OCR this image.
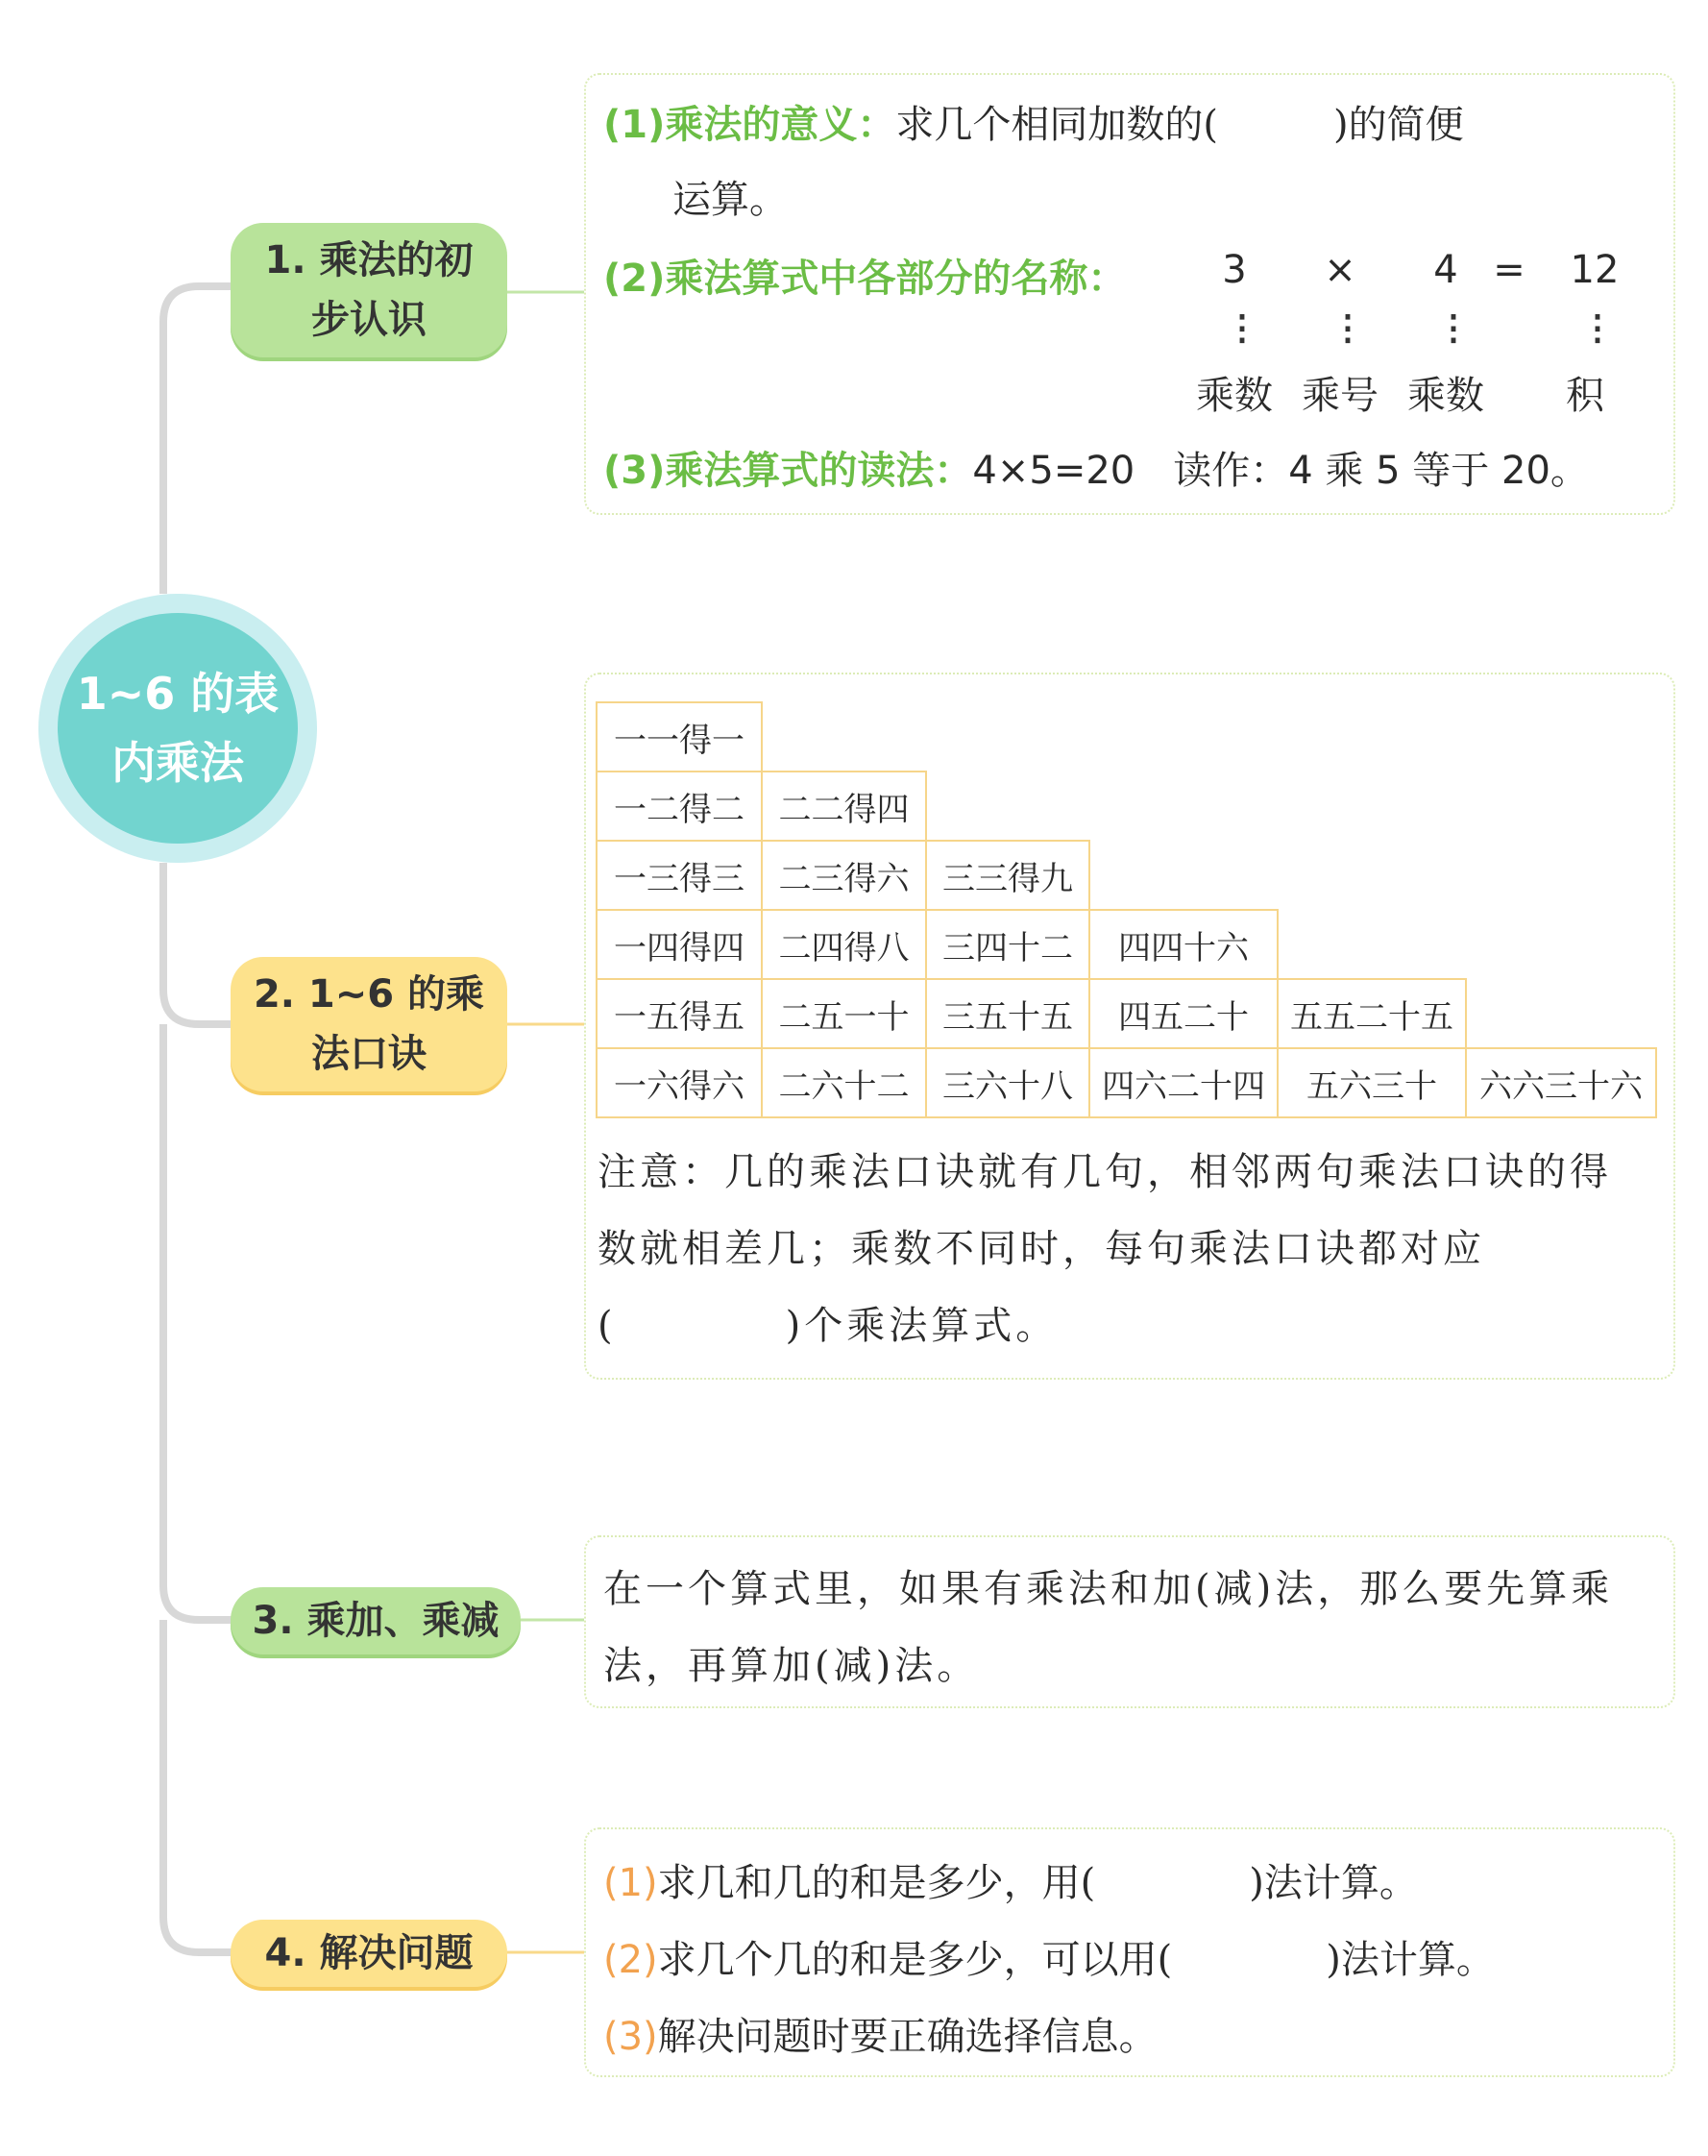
1~6 的表
内乘法
1. 乘法的初
步认识
2. 1~6 的乘
法口诀
3. 乘加、乘减
4. 解决问题
(1)乘法的意义：求几个相同加数的(　　　	)的简便
运算。
(2)乘法算式中各部分的名称： 3 × 4 =	12
⋮ ⋮ ⋮	⋮
乘数 乘号 乘数	积
(3)乘法算式的读法：4×5=20　读作：4 乘 5 等于 20。
一一得一					
一二得二	二二得四				
一三得三	二三得六	三三得九			
一四得四	二四得八	三四十二	四四十六		
一五得五	二五一十	三五十五	四五二十	五五二十五	
一六得六	二六十二	三六十八	四六二十四	五六三十	六六三十六
注意：几的乘法口诀就有几句，相邻两句乘法口诀的得
数就相差几；乘数不同时，每句乘法口诀都对应
(　　　　)个乘法算式。
在一个算式里，如果有乘法和加(减)法，那么要先算乘
法，再算加(减)法。
(1)求几和几的和是多少，用(　　　　)法计算。
(2)求几个几的和是多少，可以用(　　　　)法计算。
(3)解决问题时要正确选择信息。
